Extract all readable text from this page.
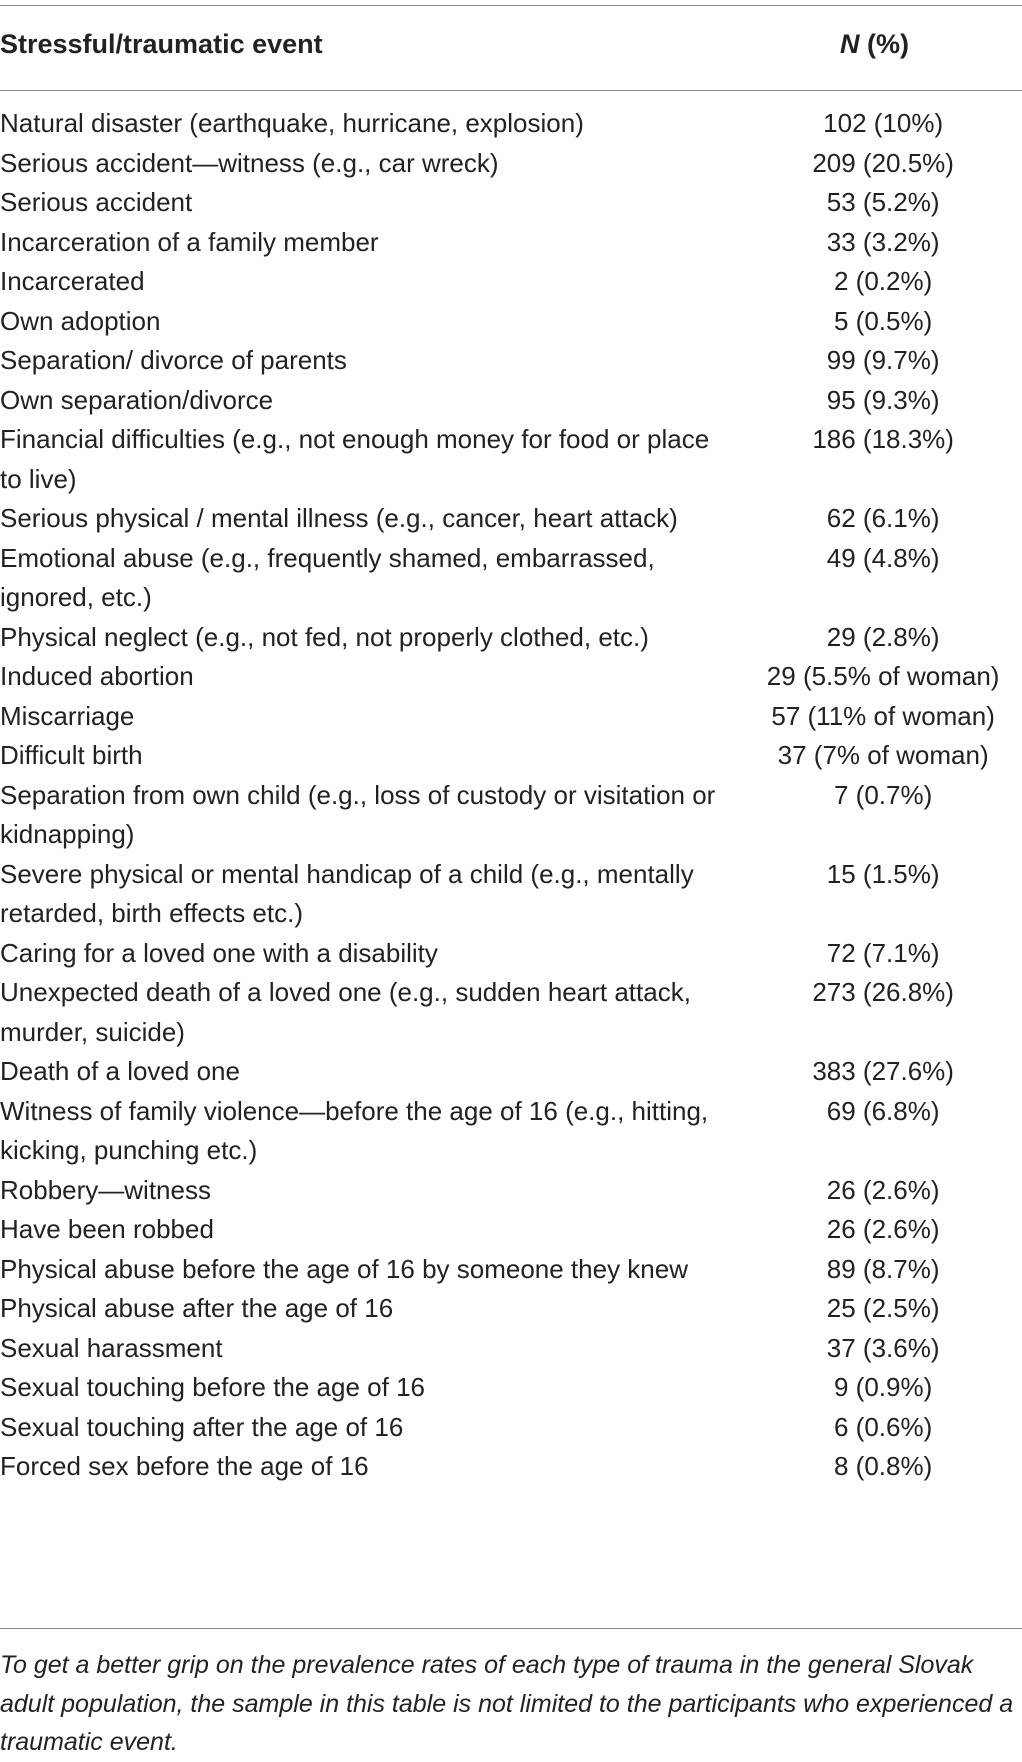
Stressful/traumatic event	N (%)
Natural disaster (earthquake, hurricane, explosion)	102 (10%)
Serious accident—witness (e.g., car wreck)	209 (20.5%)
Serious accident	53 (5.2%)
Incarceration of a family member	33 (3.2%)
Incarcerated	2 (0.2%)
Own adoption	5 (0.5%)
Separation/ divorce of parents	99 (9.7%)
Own separation/divorce	95 (9.3%)
Financial difficulties (e.g., not enough money for food or place to live)	186 (18.3%)
Serious physical / mental illness (e.g., cancer, heart attack)	62 (6.1%)
Emotional abuse (e.g., frequently shamed, embarrassed, ignored, etc.)	49 (4.8%)
Physical neglect (e.g., not fed, not properly clothed, etc.)	29 (2.8%)
Induced abortion	29 (5.5% of woman)
Miscarriage	57 (11% of woman)
Difficult birth	37 (7% of woman)
Separation from own child (e.g., loss of custody or visitation or kidnapping)	7 (0.7%)
Severe physical or mental handicap of a child (e.g., mentally retarded, birth effects etc.)	15 (1.5%)
Caring for a loved one with a disability	72 (7.1%)
Unexpected death of a loved one (e.g., sudden heart attack, murder, suicide)	273 (26.8%)
Death of a loved one	383 (27.6%)
Witness of family violence—before the age of 16 (e.g., hitting, kicking, punching etc.)	69 (6.8%)
Robbery—witness	26 (2.6%)
Have been robbed	26 (2.6%)
Physical abuse before the age of 16 by someone they knew	89 (8.7%)
Physical abuse after the age of 16	25 (2.5%)
Sexual harassment	37 (3.6%)
Sexual touching before the age of 16	9 (0.9%)
Sexual touching after the age of 16	6 (0.6%)
Forced sex before the age of 16	8 (0.8%)
To get a better grip on the prevalence rates of each type of trauma in the general Slovak adult population, the sample in this table is not limited to the participants who experienced a traumatic event.
